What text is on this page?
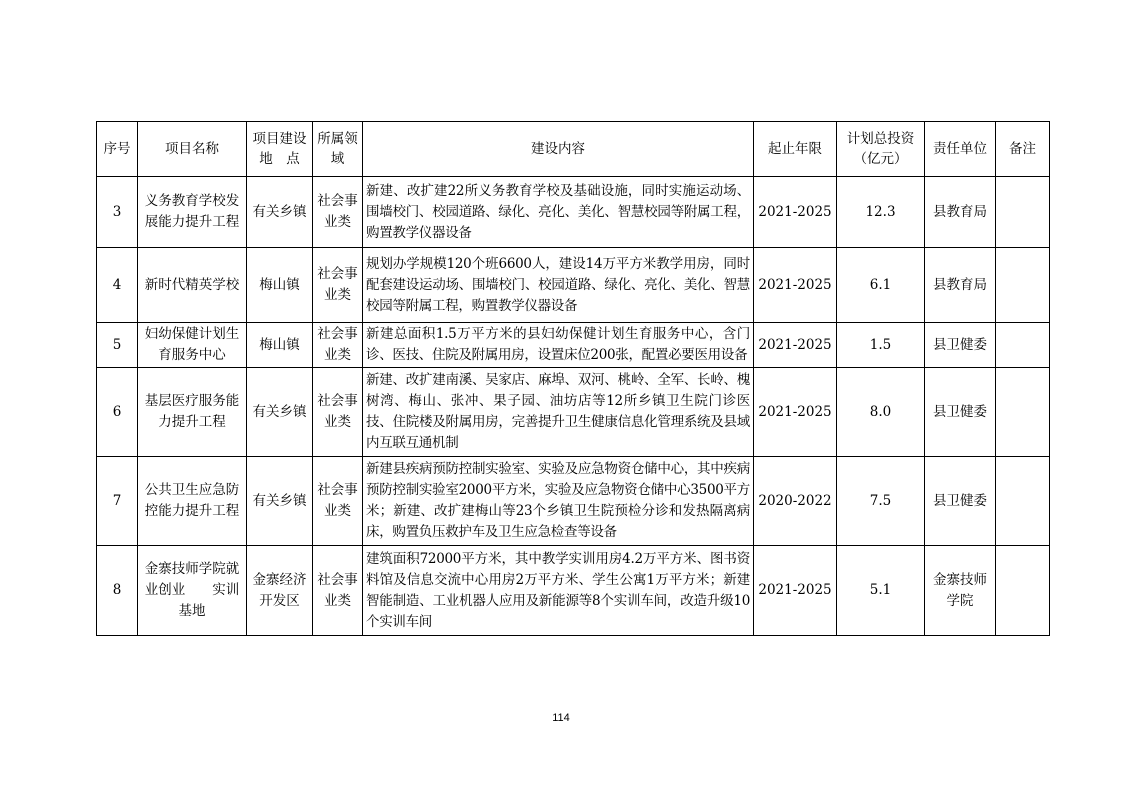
序号	项目名称	项目建设地　点	所属领域	建设内容	起止年限	计划总投资（亿元）	责任单位	备注
3	义务教育学校发展能力提升工程	有关乡镇	社会事业类	新建、改扩建22所义务教育学校及基础设施，同时实施运动场、围墙校门、校园道路、绿化、亮化、美化、智慧校园等附属工程，购置教学仪器设备	2021-2025	12.3	县教育局	
4	新时代精英学校	梅山镇	社会事业类	规划办学规模120个班6600人，建设14万平方米教学用房，同时配套建设运动场、围墙校门、校园道路、绿化、亮化、美化、智慧校园等附属工程，购置教学仪器设备	2021-2025	6.1	县教育局	
5	妇幼保健计划生育服务中心	梅山镇	社会事业类	新建总面积1.5万平方米的县妇幼保健计划生育服务中心，含门诊、医技、住院及附属用房，设置床位200张，配置必要医用设备	2021-2025	1.5	县卫健委	
6	基层医疗服务能力提升工程	有关乡镇	社会事业类	新建、改扩建南溪、吴家店、麻埠、双河、桃岭、全军、长岭、槐树湾、梅山、张冲、果子园、油坊店等12所乡镇卫生院门诊医技、住院楼及附属用房，完善提升卫生健康信息化管理系统及县域内互联互通机制	2021-2025	8.0	县卫健委	
7	公共卫生应急防控能力提升工程	有关乡镇	社会事业类	新建县疾病预防控制实验室、实验及应急物资仓储中心，其中疾病预防控制实验室2000平方米，实验及应急物资仓储中心3500平方米；新建、改扩建梅山等23个乡镇卫生院预检分诊和发热隔离病床，购置负压救护车及卫生应急检查等设备	2020-2022	7.5	县卫健委	
8	金寨技师学院就业创业　　实训基地	金寨经济开发区	社会事业类	建筑面积72000平方米，其中教学实训用房4.2万平方米、图书资料馆及信息交流中心用房2万平方米、学生公寓1万平方米；新建智能制造、工业机器人应用及新能源等8个实训车间，改造升级10个实训车间	2021-2025	5.1	金寨技师学院	
114
